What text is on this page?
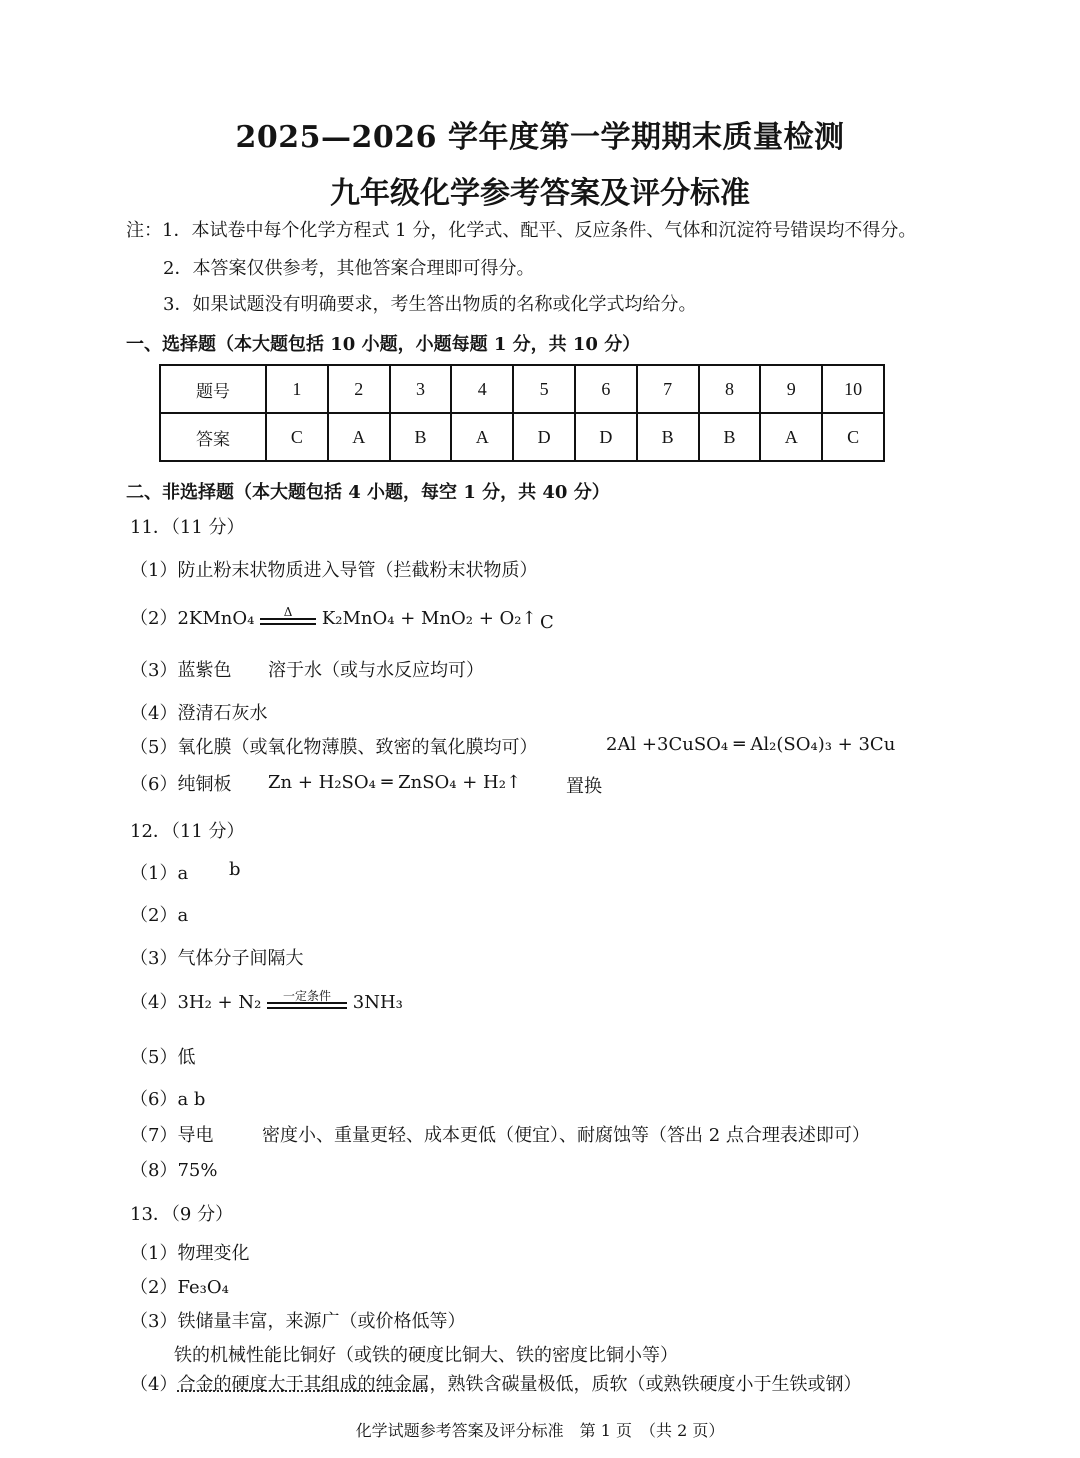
2025—2026 学年度第一学期期末质量检测
九年级化学参考答案及评分标准
注：1．本试卷中每个化学方程式 1 分，化学式、配平、反应条件、气体和沉淀符号错误均不得分。
2．本答案仅供参考，其他答案合理即可得分。
3．如果试题没有明确要求，考生答出物质的名称或化学式均给分。
一、选择题（本大题包括 10 小题，小题每题 1 分，共 10 分）
题号	1	2	3	4	5	6	7	8	9	10
答案	C	A	B	A	D	D	B	B	A	C
二、非选择题（本大题包括 4 小题，每空 1 分，共 40 分）
11．（11 分）
（1）防止粉末状物质进入导管（拦截粉末状物质）
（2）2KMnO₄	Δ	K₂MnO₄ + MnO₂ + O₂↑ C
（3）蓝紫色 溶于水（或与水反应均可）
（4）澄清石灰水
（5）氧化膜（或氧化物薄膜、致密的氧化膜均可）	2Al +3CuSO₄ ═ Al₂(SO₄)₃ + 3Cu
（6）纯铜板 Zn + H₂SO₄ ═ ZnSO₄ + H₂↑ 置换
12．（11 分）
（1）a b
（2）a
（3）气体分子间隔大
（4）3H₂ + N₂	一定条件	3NH₃
（5）低
（6）a b
（7）导电	密度小、重量更轻、成本更低（便宜）、耐腐蚀等（答出 2 点合理表述即可）
（8）75%
13．（9 分）
（1）物理变化
（2）Fe₃O₄
（3）铁储量丰富，来源广（或价格低等）
铁的机械性能比铜好（或铁的硬度比铜大、铁的密度比铜小等）
（4）合金的硬度大于其组成的纯金属，熟铁含碳量极低，质软（或熟铁硬度小于生铁或钢）
化学试题参考答案及评分标准　第 1 页　（共 2 页）
